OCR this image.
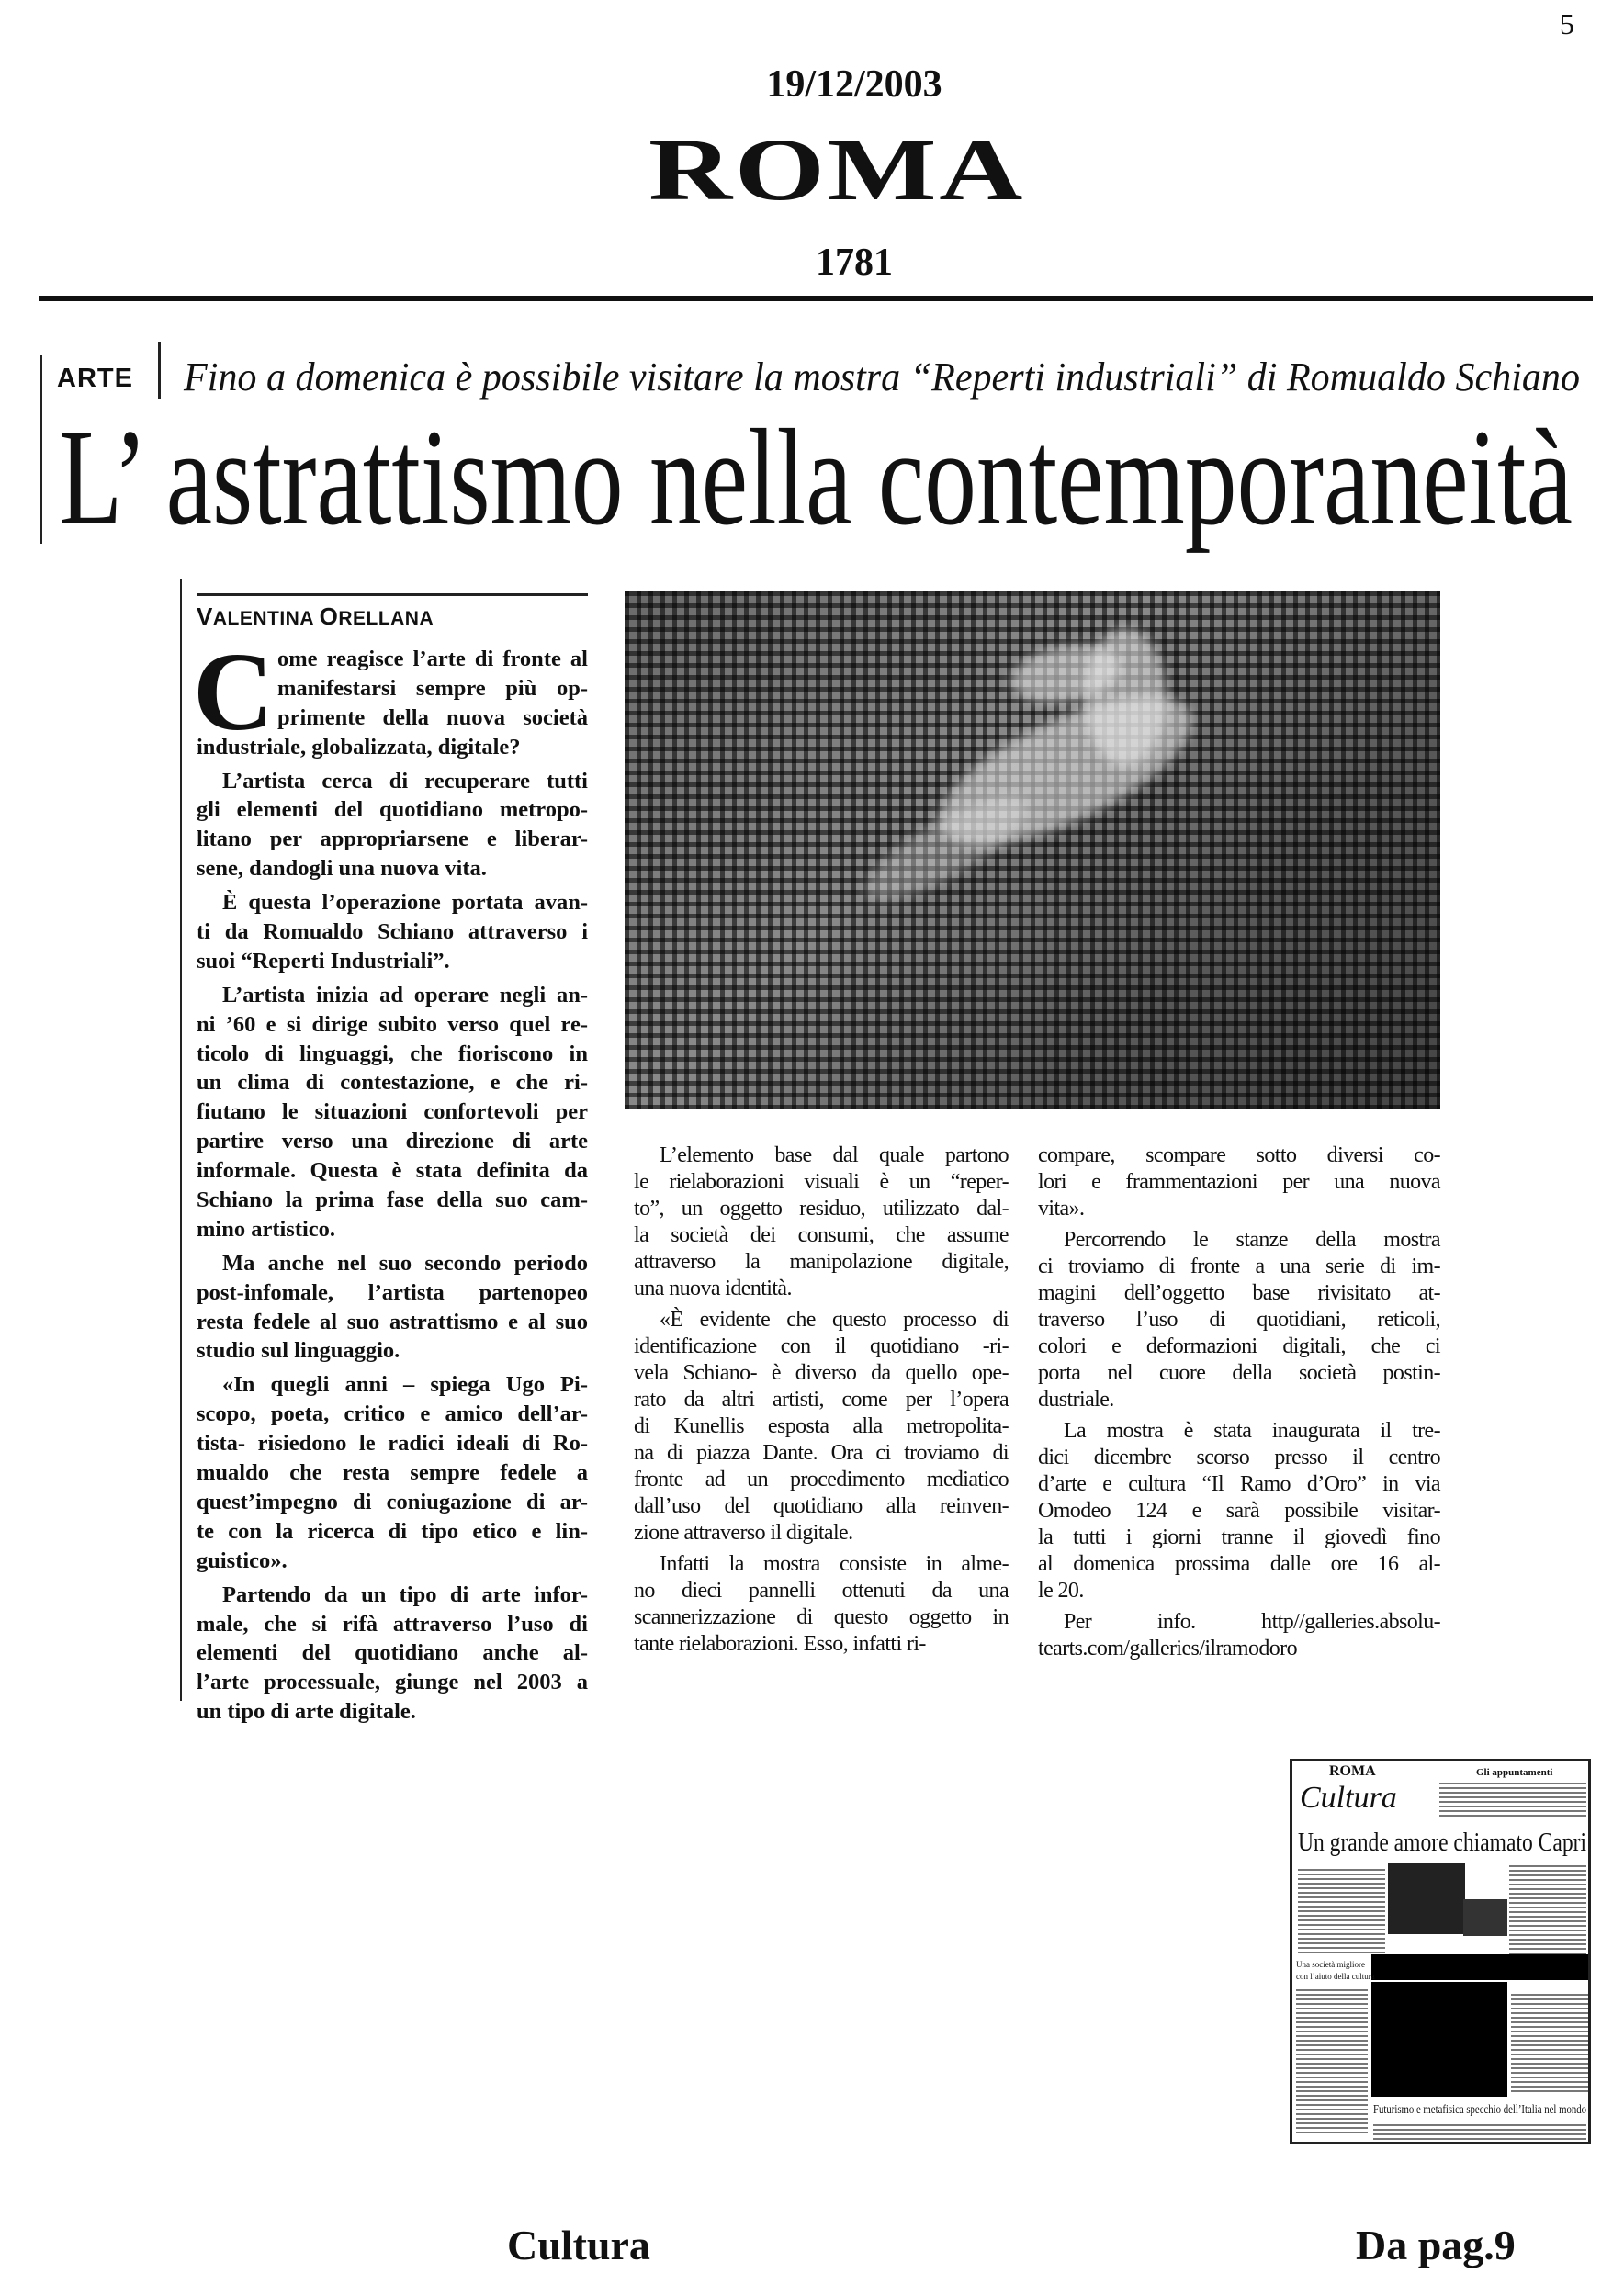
5
19/12/2003
ROMA
1781
ARTE Fino a domenica è possibile visitare la mostra “Reperti industriali” di Romualdo Schiano
L’ astrattismo nella contemporaneità
VALENTINA ORELLANA
C ome reagisce l’arte di fronte al
manifestarsi sempre più op-
primente della nuova società
industriale, globalizzata, digitale?
L’artista cerca di recuperare tutti
gli elementi del quotidiano metropo-
litano per appropriarsene e liberar-
sene, dandogli una nuova vita.
È questa l’operazione portata avan-
ti da Romualdo Schiano attraverso i
suoi “Reperti Industriali”.
L’artista inizia ad operare negli an-
ni ’60 e si dirige subito verso quel re-
ticolo di linguaggi, che fioriscono in
un clima di contestazione, e che ri-
fiutano le situazioni confortevoli per
partire verso una direzione di arte
informale. Questa è stata definita da
Schiano la prima fase della suo cam-
mino artistico.
Ma anche nel suo secondo periodo
post-infomale, l’artista partenopeo
resta fedele al suo astrattismo e al suo
studio sul linguaggio.
«In quegli anni – spiega Ugo Pi-
scopo, poeta, critico e amico dell’ar-
tista- risiedono le radici ideali di Ro-
mualdo che resta sempre fedele a
quest’impegno di coniugazione di ar-
te con la ricerca di tipo etico e lin-
guistico».
Partendo da un tipo di arte infor-
male, che si rifà attraverso l’uso di
elementi del quotidiano anche al-
l’arte processuale, giunge nel 2003 a
un tipo di arte digitale.
L’elemento base dal quale partono
le rielaborazioni visuali è un “reper-
to”, un oggetto residuo, utilizzato dal-
la società dei consumi, che assume
attraverso la manipolazione digitale,
una nuova identità.
«È evidente che questo processo di
identificazione con il quotidiano -ri-
vela Schiano- è diverso da quello ope-
rato da altri artisti, come per l’opera
di Kunellis esposta alla metropolita-
na di piazza Dante. Ora ci troviamo di
fronte ad un procedimento mediatico
dall’uso del quotidiano alla reinven-
zione attraverso il digitale.
Infatti la mostra consiste in alme-
no dieci pannelli ottenuti da una
scannerizzazione di questo oggetto in
tante rielaborazioni. Esso, infatti ri-
compare, scompare sotto diversi co-
lori e frammentazioni per una nuova
vita».
Percorrendo le stanze della mostra
ci troviamo di fronte a una serie di im-
magini dell’oggetto base rivisitato at-
traverso l’uso di quotidiani, reticoli,
colori e deformazioni digitali, che ci
porta nel cuore della società postin-
dustriale.
La mostra è stata inaugurata il tre-
dici dicembre scorso presso il centro
d’arte e cultura “Il Ramo d’Oro” in via
Omodeo 124 e sarà possibile visitar-
la tutti i giorni tranne il giovedì fino
al domenica prossima dalle ore 16 al-
le 20.
Per info. http//galleries.absolu-
tearts.com/galleries/ilramodoro
ROMA
Cultura
Gli appuntamenti
Un grande amore chiamato Capri
Una società migliore
con l’aiuto della cultura
Futurismo e metafisica specchio dell’Italia nel mondo
Cultura	Da pag.9
